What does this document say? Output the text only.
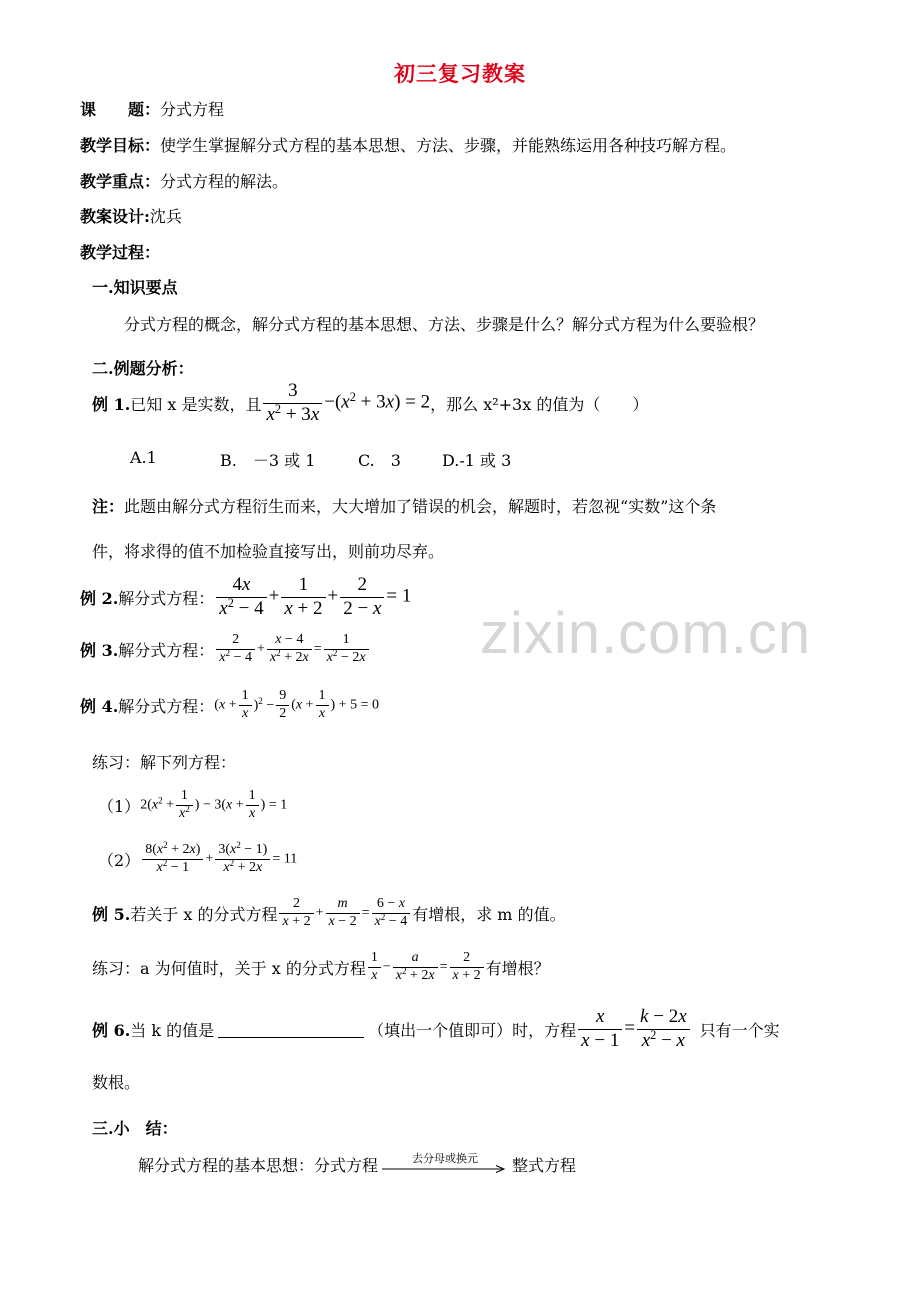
初三复习教案
课　　题：分式方程
教学目标：使学生掌握解分式方程的基本思想、方法、步骤，并能熟练运用各种技巧解方程。
教学重点：分式方程的解法。
教案设计:沈兵
教学过程：
一.知识要点
分式方程的概念，解分式方程的基本思想、方法、步骤是什么？解分式方程为什么要验根？
二.例题分析：
例 1. 已知 x 是实数，且 $\frac{3}{x^2 + 3x} -(x^2 + 3x) = 2$ ，那么 x²+3x 的值为（　　）
A.1	B.　－3 或 1	C.　3	D.-1 或 3
注：此题由解分式方程衍生而来，大大增加了错误的机会，解题时，若忽视“实数”这个条
件，将求得的值不加检验直接写出，则前功尽弃。
例 2. 解分式方程： $\frac{4x}{x^2 - 4} + \frac{1}{x + 2} + \frac{2}{2 - x} = 1$
例 3. 解分式方程： $\frac{2}{x^2 - 4} + \frac{x - 4}{x^2 + 2x} = \frac{1}{x^2 - 2x}$
例 4. 解分式方程： $(x + \frac{1}{x} )^2 - \frac{9}{2} (x + \frac{1}{x}$ ) + 5 = 0
练习：解下列方程：
（1） $2(x^2 + \frac{1}{x^2}$ ) − $3(x + \frac{1}{x}$ ) = 1
$(2) \frac{8(x^2 + 2x)}{x^2 - 1} + \frac{3(x^2 - 1)}{x^2 + 2x} = 11$
例 5. 若关于 x 的分式方程 $\frac{2}{x + 2} + \frac{m}{x - 2} = \frac{6 - x}{x^2 - 4}$ 有增根，求 m 的值。
练习：a 为何值时，关于 x 的分式方程 $\frac{1}{x} - \frac{a}{x^2 + 2x} = \frac{2}{x + 2}$ 有增根？
例 6. 当 k 的值是	（填出一个值即可）时，方程 $\frac{x}{x - 1} = \frac{k - 2x}{x^2 - x}$ 只有一个实
数根。
三.小　结：
解分式方程的基本思想：分式方程	去分母或换元	整式方程
zixin.com.cn
